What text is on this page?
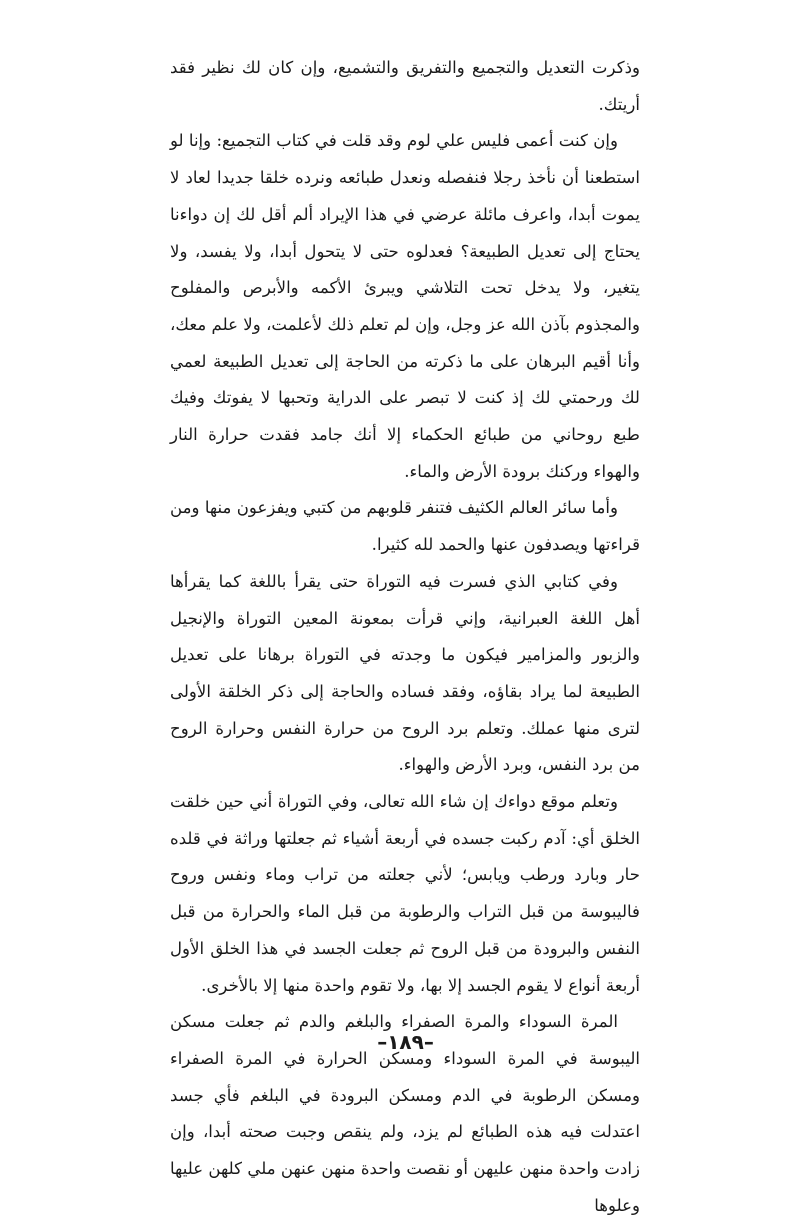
وذكرت التعديل والتجميع والتفريق والتشميع، وإن كان لك نظير فقد أريتك.

وإن كنت أعمى فليس علي لوم وقد قلت في كتاب التجميع: وإنا لو استطعنا أن نأخذ رجلا فنفصله ونعدل طبائعه ونرده خلقا جديدا لعاد لا يموت أبدا، واعرف مائلة عرضي في هذا الإيراد ألم أقل لك إن دواءنا يحتاج إلى تعديل الطبيعة؟ فعدلوه حتى لا يتحول أبدا، ولا يفسد، ولا يتغير، ولا يدخل تحت التلاشي ويبرئ الأكمه والأبرص والمفلوح والمجذوم بآذن الله عز وجل، وإن لم تعلم ذلك لأعلمت، ولا علم معك، وأنا أقيم البرهان على ما ذكرته من الحاجة إلى تعديل الطبيعة لعمي لك ورحمتي لك إذ كنت لا تبصر على الدراية وتحبها لا يفوتك وفيك طبع روحاني من طبائع الحكماء إلا أنك جامد فقدت حرارة النار والهواء وركنك برودة الأرض والماء.

وأما سائر العالم الكثيف فتنفر قلوبهم من كتبي ويفزعون منها ومن قراءتها ويصدفون عنها والحمد لله كثيرا.

وفي كتابي الذي فسرت فيه التوراة حتى يقرأ باللغة كما يقرأها أهل اللغة العبرانية، وإني قرأت بمعونة المعين التوراة والإنجيل والزبور والمزامير فيكون ما وجدته في التوراة برهانا على تعديل الطبيعة لما يراد بقاؤه، وفقد فساده والحاجة إلى ذكر الخلقة الأولى لترى منها عملك. وتعلم برد الروح من حرارة النفس وحرارة الروح من برد النفس، وبرد الأرض والهواء.

وتعلم موقع دواءك إن شاء الله تعالى، وفي التوراة أني حين خلقت الخلق أي: آدم ركبت جسده في أربعة أشياء ثم جعلتها وراثة في قلده حار وبارد ورطب ويابس؛ لأني جعلته من تراب وماء ونفس وروح فاليبوسة من قبل التراب والرطوبة من قبل الماء والحرارة من قبل النفس والبرودة من قبل الروح ثم جعلت الجسد في هذا الخلق الأول أربعة أنواع لا يقوم الجسد إلا بها، ولا تقوم واحدة منها إلا بالأخرى.

المرة السوداء والمرة الصفراء والبلغم والدم ثم جعلت مسكن اليبوسة في المرة السوداء ومسكن الحرارة في المرة الصفراء ومسكن الرطوبة في الدم ومسكن البرودة في البلغم فأي جسد اعتدلت فيه هذه الطبائع لم يزد، ولم ينقص وجبت صحته أبدا، وإن زادت واحدة منهن عليهن أو نقصت واحدة منهن عنهن ملي كلهن عليها وعلوها

–١٨٩–
